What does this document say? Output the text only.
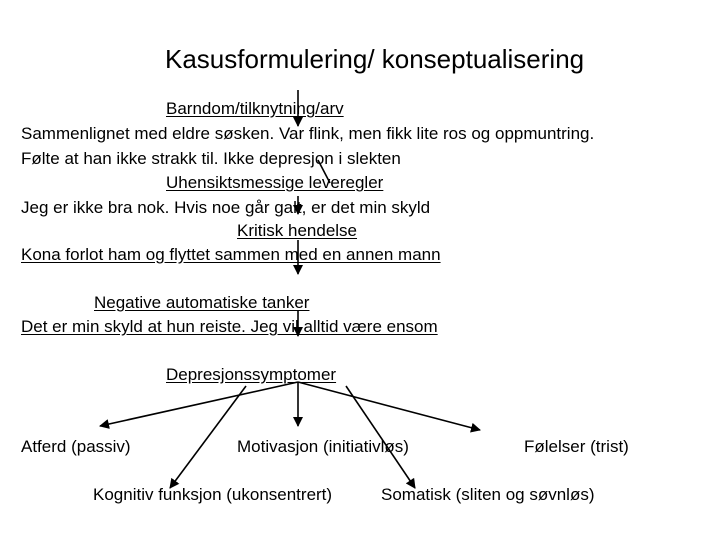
Kasusformulering/ konseptualisering
Barndom/tilknytning/arv
Sammenlignet med eldre søsken. Var flink, men fikk lite ros og oppmuntring.
Følte at han ikke strakk til. Ikke depresjon i slekten
Uhensiktsmessige leveregler
Jeg er ikke bra nok. Hvis noe går galt, er det min skyld
Kritisk hendelse
Kona forlot ham og flyttet sammen med en annen mann
Negative automatiske tanker
Det er min skyld at hun reiste. Jeg vil alltid være ensom
Depresjonssymptomer
Atferd (passiv)	Motivasjon (initiativløs)	Følelser (trist)
Kognitiv funksjon (ukonsentrert)	Somatisk (sliten og søvnløs)
